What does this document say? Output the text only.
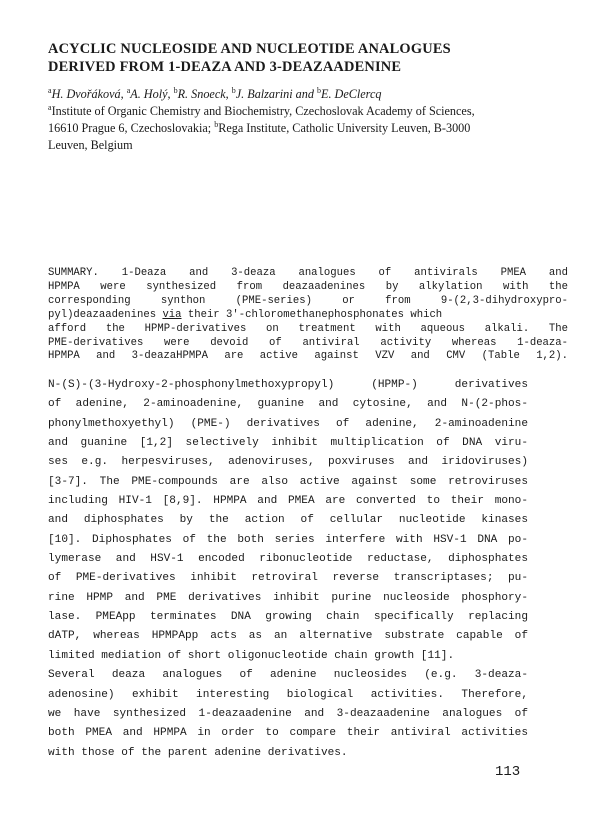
ACYCLIC NUCLEOSIDE AND NUCLEOTIDE ANALOGUES
DERIVED FROM 1-DEAZA AND 3-DEAZAADENINE
$^a$H. Dvořáková, $^a$A. Holý, $^b$R. Snoeck, $^b$J. Balzarini and $^b$E. DeClercq
$^a$Institute of Organic Chemistry and Biochemistry, Czechoslovak Academy of Sciences,
16610 Prague 6, Czechoslovakia; $^b$Rega Institute, Catholic University Leuven, B-3000
Leuven, Belgium
SUMMARY. 1-Deaza and 3-deaza analogues of antivirals PMEA and
HPMPA were synthesized from deazaadenines by alkylation with the
corresponding synthon (PME-series) or from 9-(2,3-dihydroxypro-
pyl)deazaadenines via their 3'-chloromethanephosphonates which
afford the HPMP-derivatives on treatment with aqueous alkali. The
PME-derivatives were devoid of antiviral activity whereas 1-deaza-
HPMPA and 3-deazaHPMPA are active against VZV and CMV (Table 1,2).
N-(S)-(3-Hydroxy-2-phosphonylmethoxypropyl) (HPMP-) derivatives
of adenine, 2-aminoadenine, guanine and cytosine, and N-(2-phos-
phonylmethoxyethyl) (PME-) derivatives of adenine, 2-aminoadenine
and guanine [1,2] selectively inhibit multiplication of DNA viru-
ses e.g. herpesviruses, adenoviruses, poxviruses and iridoviruses)
[3-7]. The PME-compounds are also active against some retroviruses
including HIV-1 [8,9]. HPMPA and PMEA are converted to their mono-
and diphosphates by the action of cellular nucleotide kinases
[10]. Diphosphates of the both series interfere with HSV-1 DNA po-
lymerase and HSV-1 encoded ribonucleotide reductase, diphosphates
of PME-derivatives inhibit retroviral reverse transcriptases; pu-
rine HPMP and PME derivatives inhibit purine nucleoside phosphory-
lase. PMEApp terminates DNA growing chain specifically replacing
dATP, whereas HPMPApp acts as an alternative substrate capable of
limited mediation of short oligonucleotide chain growth [11].
Several deaza analogues of adenine nucleosides (e.g. 3-deaza-
adenosine) exhibit interesting biological activities. Therefore,
we have synthesized 1-deazaadenine and 3-deazaadenine analogues of
both PMEA and HPMPA in order to compare their antiviral activities
with those of the parent adenine derivatives.
113
